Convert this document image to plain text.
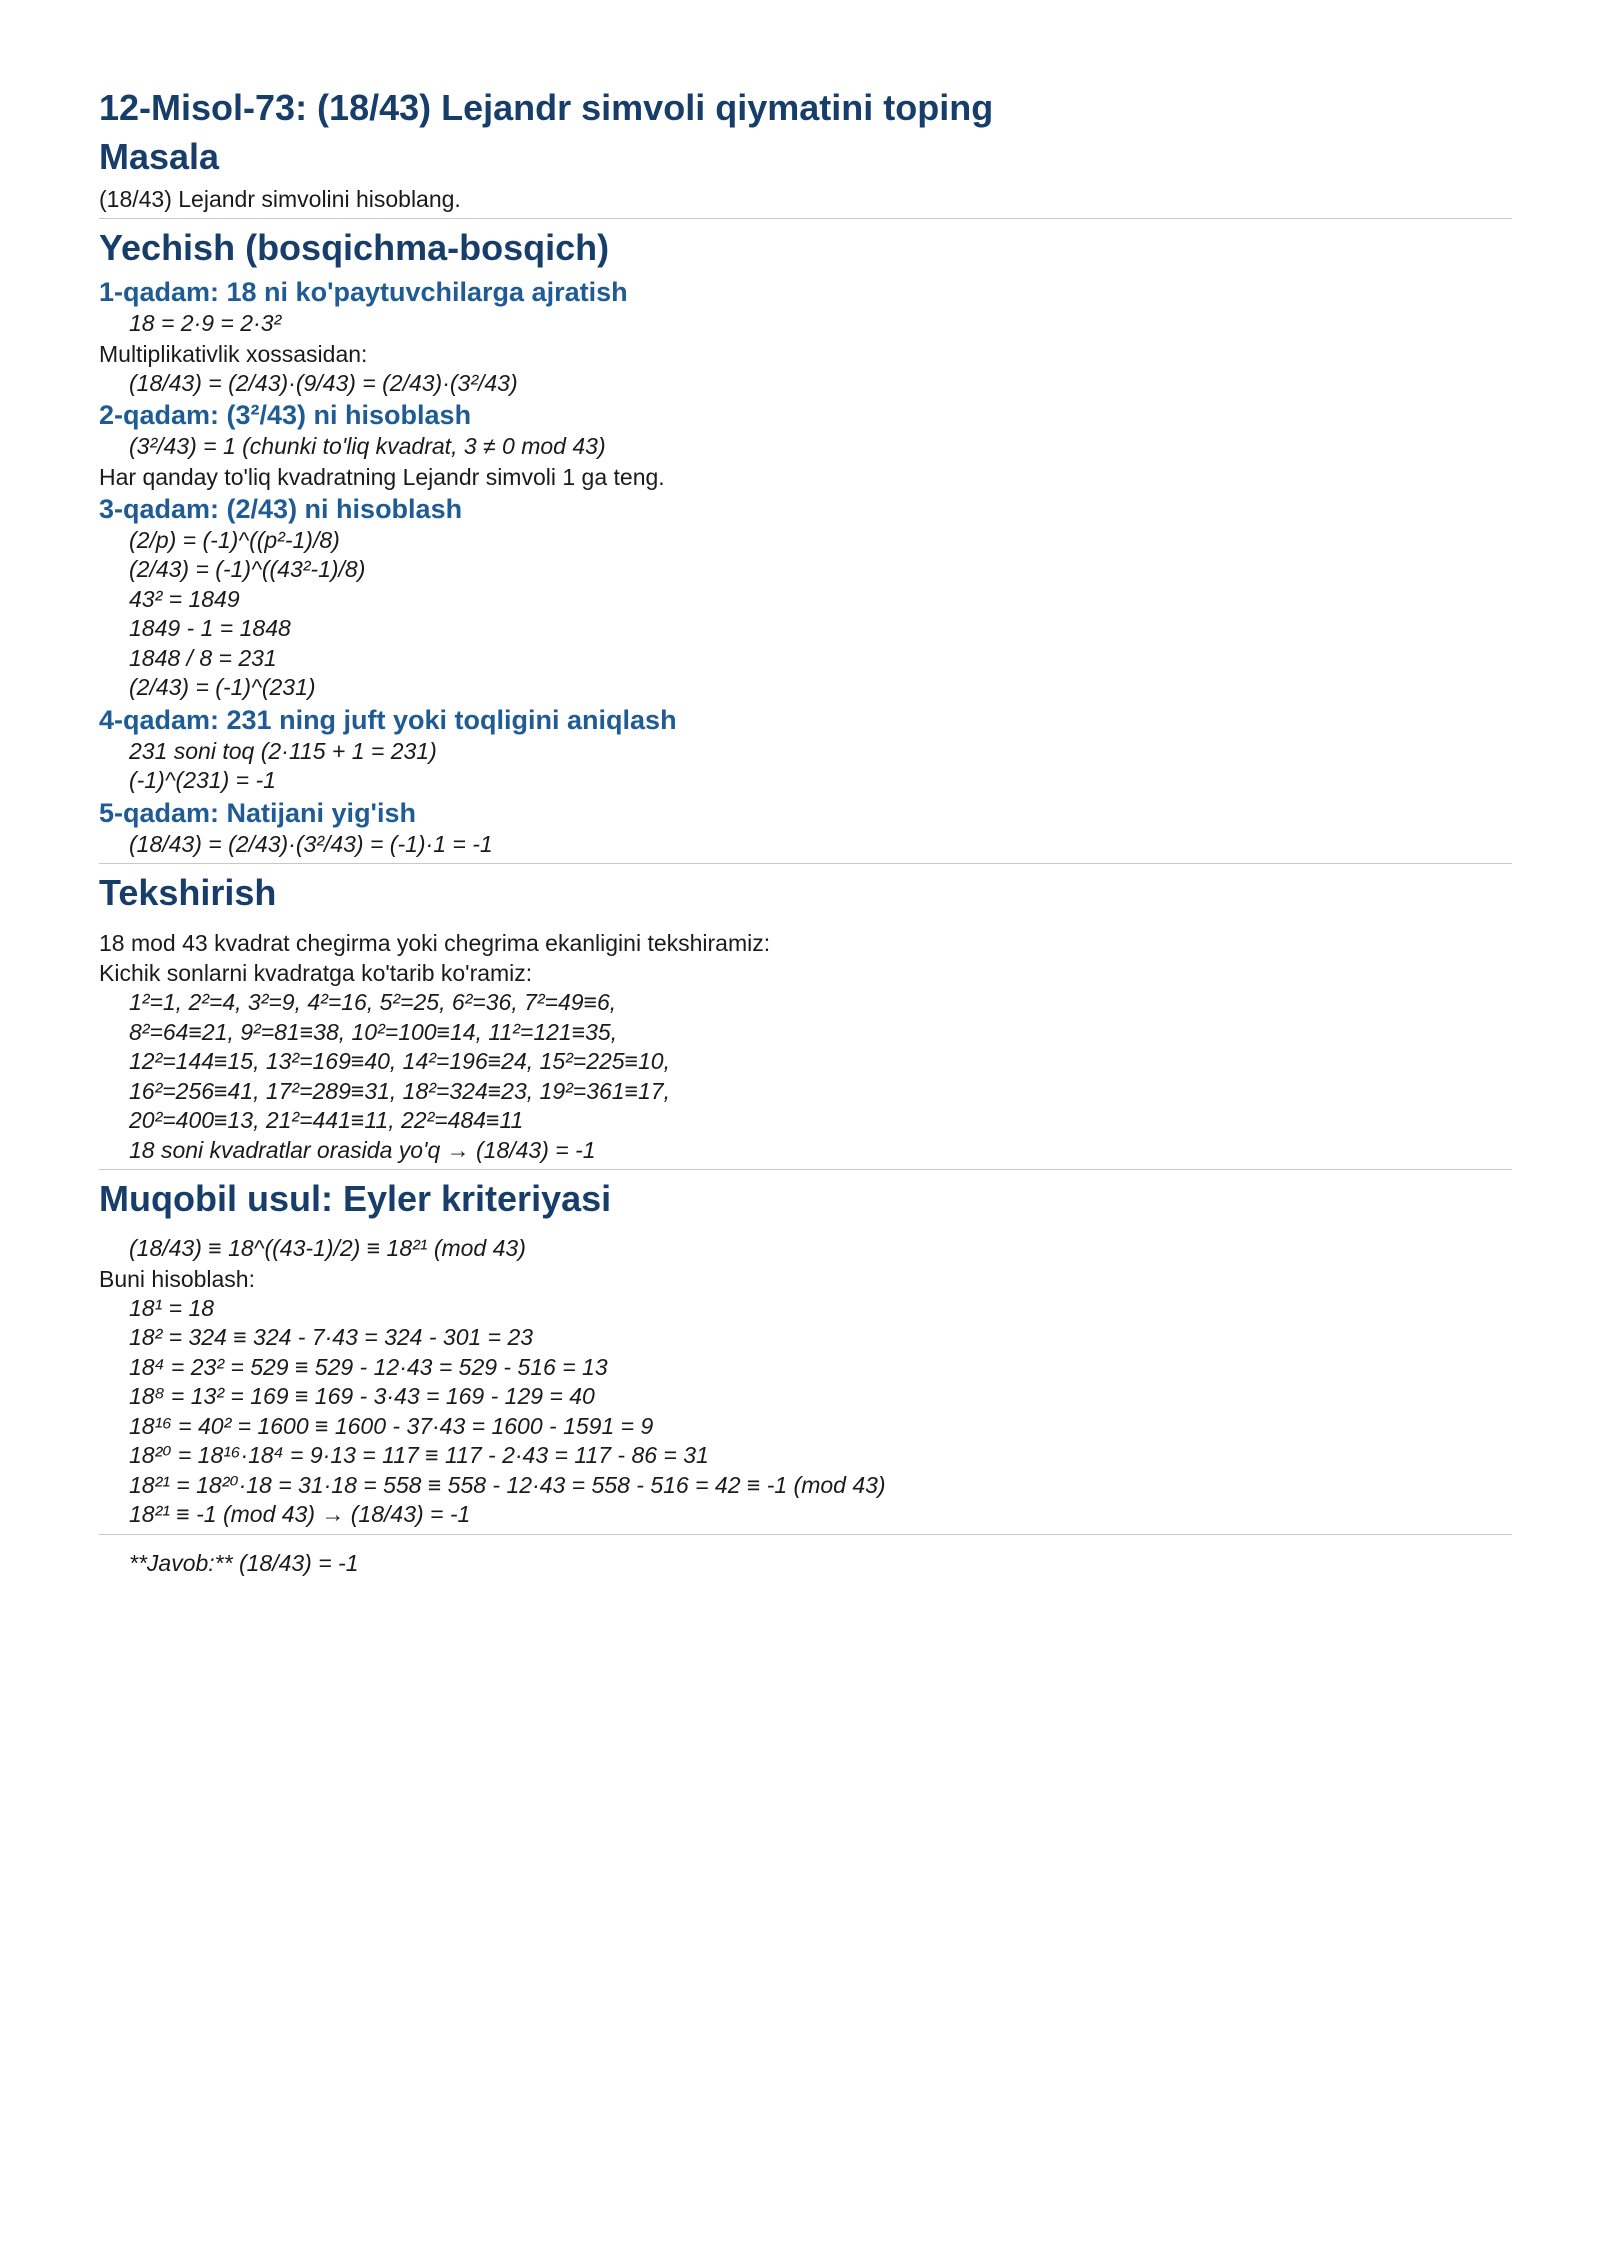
12-Misol-73: (18/43) Lejandr simvoli qiymatini toping
Masala
(18/43) Lejandr simvolini hisoblang.
Yechish (bosqichma-bosqich)
1-qadam: 18 ni ko'paytuvchilarga ajratish
18 = 2·9 = 2·3²
Multiplikativlik xossasidan:
(18/43) = (2/43)·(9/43) = (2/43)·(3²/43)
2-qadam: (3²/43) ni hisoblash
(3²/43) = 1 (chunki to'liq kvadrat, 3 ≠ 0 mod 43)
Har qanday to'liq kvadratning Lejandr simvoli 1 ga teng.
3-qadam: (2/43) ni hisoblash
(2/p) = (-1)^((p²-1)/8)
(2/43) = (-1)^((43²-1)/8)
43² = 1849
1849 - 1 = 1848
1848 / 8 = 231
(2/43) = (-1)^(231)
4-qadam: 231 ning juft yoki toqligini aniqlash
231 soni toq (2·115 + 1 = 231)
(-1)^(231) = -1
5-qadam: Natijani yig'ish
(18/43) = (2/43)·(3²/43) = (-1)·1 = -1
Tekshirish
18 mod 43 kvadrat chegirma yoki chegrima ekanligini tekshiramiz:
Kichik sonlarni kvadratga ko'tarib ko'ramiz:
1²=1, 2²=4, 3²=9, 4²=16, 5²=25, 6²=36, 7²=49≡6,
8²=64≡21, 9²=81≡38, 10²=100≡14, 11²=121≡35,
12²=144≡15, 13²=169≡40, 14²=196≡24, 15²=225≡10,
16²=256≡41, 17²=289≡31, 18²=324≡23, 19²=361≡17,
20²=400≡13, 21²=441≡11, 22²=484≡11
18 soni kvadratlar orasida yo'q → (18/43) = -1
Muqobil usul: Eyler kriteriyasi
(18/43) ≡ 18^((43-1)/2) ≡ 18²¹ (mod 43)
Buni hisoblash:
18¹ = 18
18² = 324 ≡ 324 - 7·43 = 324 - 301 = 23
18⁴ = 23² = 529 ≡ 529 - 12·43 = 529 - 516 = 13
18⁸ = 13² = 169 ≡ 169 - 3·43 = 169 - 129 = 40
18¹⁶ = 40² = 1600 ≡ 1600 - 37·43 = 1600 - 1591 = 9
18²⁰ = 18¹⁶·18⁴ = 9·13 = 117 ≡ 117 - 2·43 = 117 - 86 = 31
18²¹ = 18²⁰·18 = 31·18 = 558 ≡ 558 - 12·43 = 558 - 516 = 42 ≡ -1 (mod 43)
18²¹ ≡ -1 (mod 43) → (18/43) = -1
**Javob:** (18/43) = -1
